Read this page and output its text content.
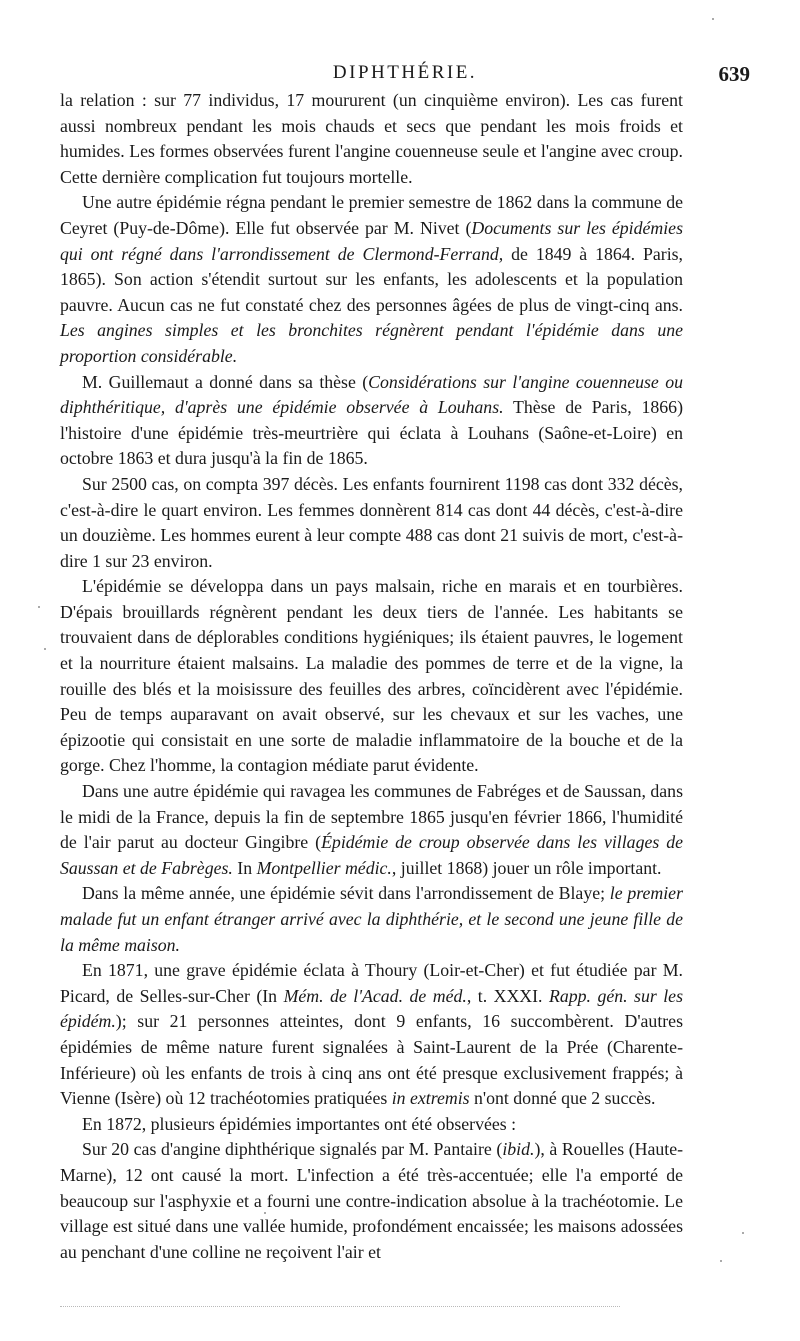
DIPHTHÉRIE.	639

la relation : sur 77 individus, 17 moururent (un cinquième environ). Les cas furent aussi nombreux pendant les mois chauds et secs que pendant les mois froids et humides. Les formes observées furent l'angine couenneuse seule et l'angine avec croup. Cette dernière complication fut toujours mortelle.

Une autre épidémie régna pendant le premier semestre de 1862 dans la commune de Ceyret (Puy-de-Dôme). Elle fut observée par M. Nivet (Documents sur les épidémies qui ont régné dans l'arrondissement de Clermond-Ferrand, de 1849 à 1864. Paris, 1865). Son action s'étendit surtout sur les enfants, les adolescents et la population pauvre. Aucun cas ne fut constaté chez des personnes âgées de plus de vingt-cinq ans. Les angines simples et les bronchites régnèrent pendant l'épidémie dans une proportion considérable.

M. Guillemaut a donné dans sa thèse (Considérations sur l'angine couenneuse ou diphthéritique, d'après une épidémie observée à Louhans. Thèse de Paris, 1866) l'histoire d'une épidémie très-meurtrière qui éclata à Louhans (Saône-et-Loire) en octobre 1863 et dura jusqu'à la fin de 1865.

Sur 2500 cas, on compta 397 décès. Les enfants fournirent 1198 cas dont 332 décès, c'est-à-dire le quart environ. Les femmes donnèrent 814 cas dont 44 décès, c'est-à-dire un douzième. Les hommes eurent à leur compte 488 cas dont 21 suivis de mort, c'est-à-dire 1 sur 23 environ.

L'épidémie se développa dans un pays malsain, riche en marais et en tourbières. D'épais brouillards régnèrent pendant les deux tiers de l'année. Les habitants se trouvaient dans de déplorables conditions hygiéniques; ils étaient pauvres, le logement et la nourriture étaient malsains. La maladie des pommes de terre et de la vigne, la rouille des blés et la moisissure des feuilles des arbres, coïncidèrent avec l'épidémie. Peu de temps auparavant on avait observé, sur les chevaux et sur les vaches, une épizootie qui consistait en une sorte de maladie inflammatoire de la bouche et de la gorge. Chez l'homme, la contagion médiate parut évidente.

Dans une autre épidémie qui ravagea les communes de Fabréges et de Saussan, dans le midi de la France, depuis la fin de septembre 1865 jusqu'en février 1866, l'humidité de l'air parut au docteur Gingibre (Épidémie de croup observée dans les villages de Saussan et de Fabrèges. In Montpellier médic., juillet 1868) jouer un rôle important.

Dans la même année, une épidémie sévit dans l'arrondissement de Blaye; le premier malade fut un enfant étranger arrivé avec la diphthérie, et le second une jeune fille de la même maison.

En 1871, une grave épidémie éclata à Thoury (Loir-et-Cher) et fut étudiée par M. Picard, de Selles-sur-Cher (In Mém. de l'Acad. de méd., t. XXXI. Rapp. gén. sur les épidém.); sur 21 personnes atteintes, dont 9 enfants, 16 succombèrent. D'autres épidémies de même nature furent signalées à Saint-Laurent de la Prée (Charente-Inférieure) où les enfants de trois à cinq ans ont été presque exclusivement frappés; à Vienne (Isère) où 12 trachéotomies pratiquées in extremis n'ont donné que 2 succès.

En 1872, plusieurs épidémies importantes ont été observées :

Sur 20 cas d'angine diphthérique signalés par M. Pantaire (ibid.), à Rouelles (Haute-Marne), 12 ont causé la mort. L'infection a été très-accentuée; elle l'a emporté de beaucoup sur l'asphyxie et a fourni une contre-indication absolue à la trachéotomie. Le village est situé dans une vallée humide, profondément encaissée; les maisons adossées au penchant d'une colline ne reçoivent l'air et
